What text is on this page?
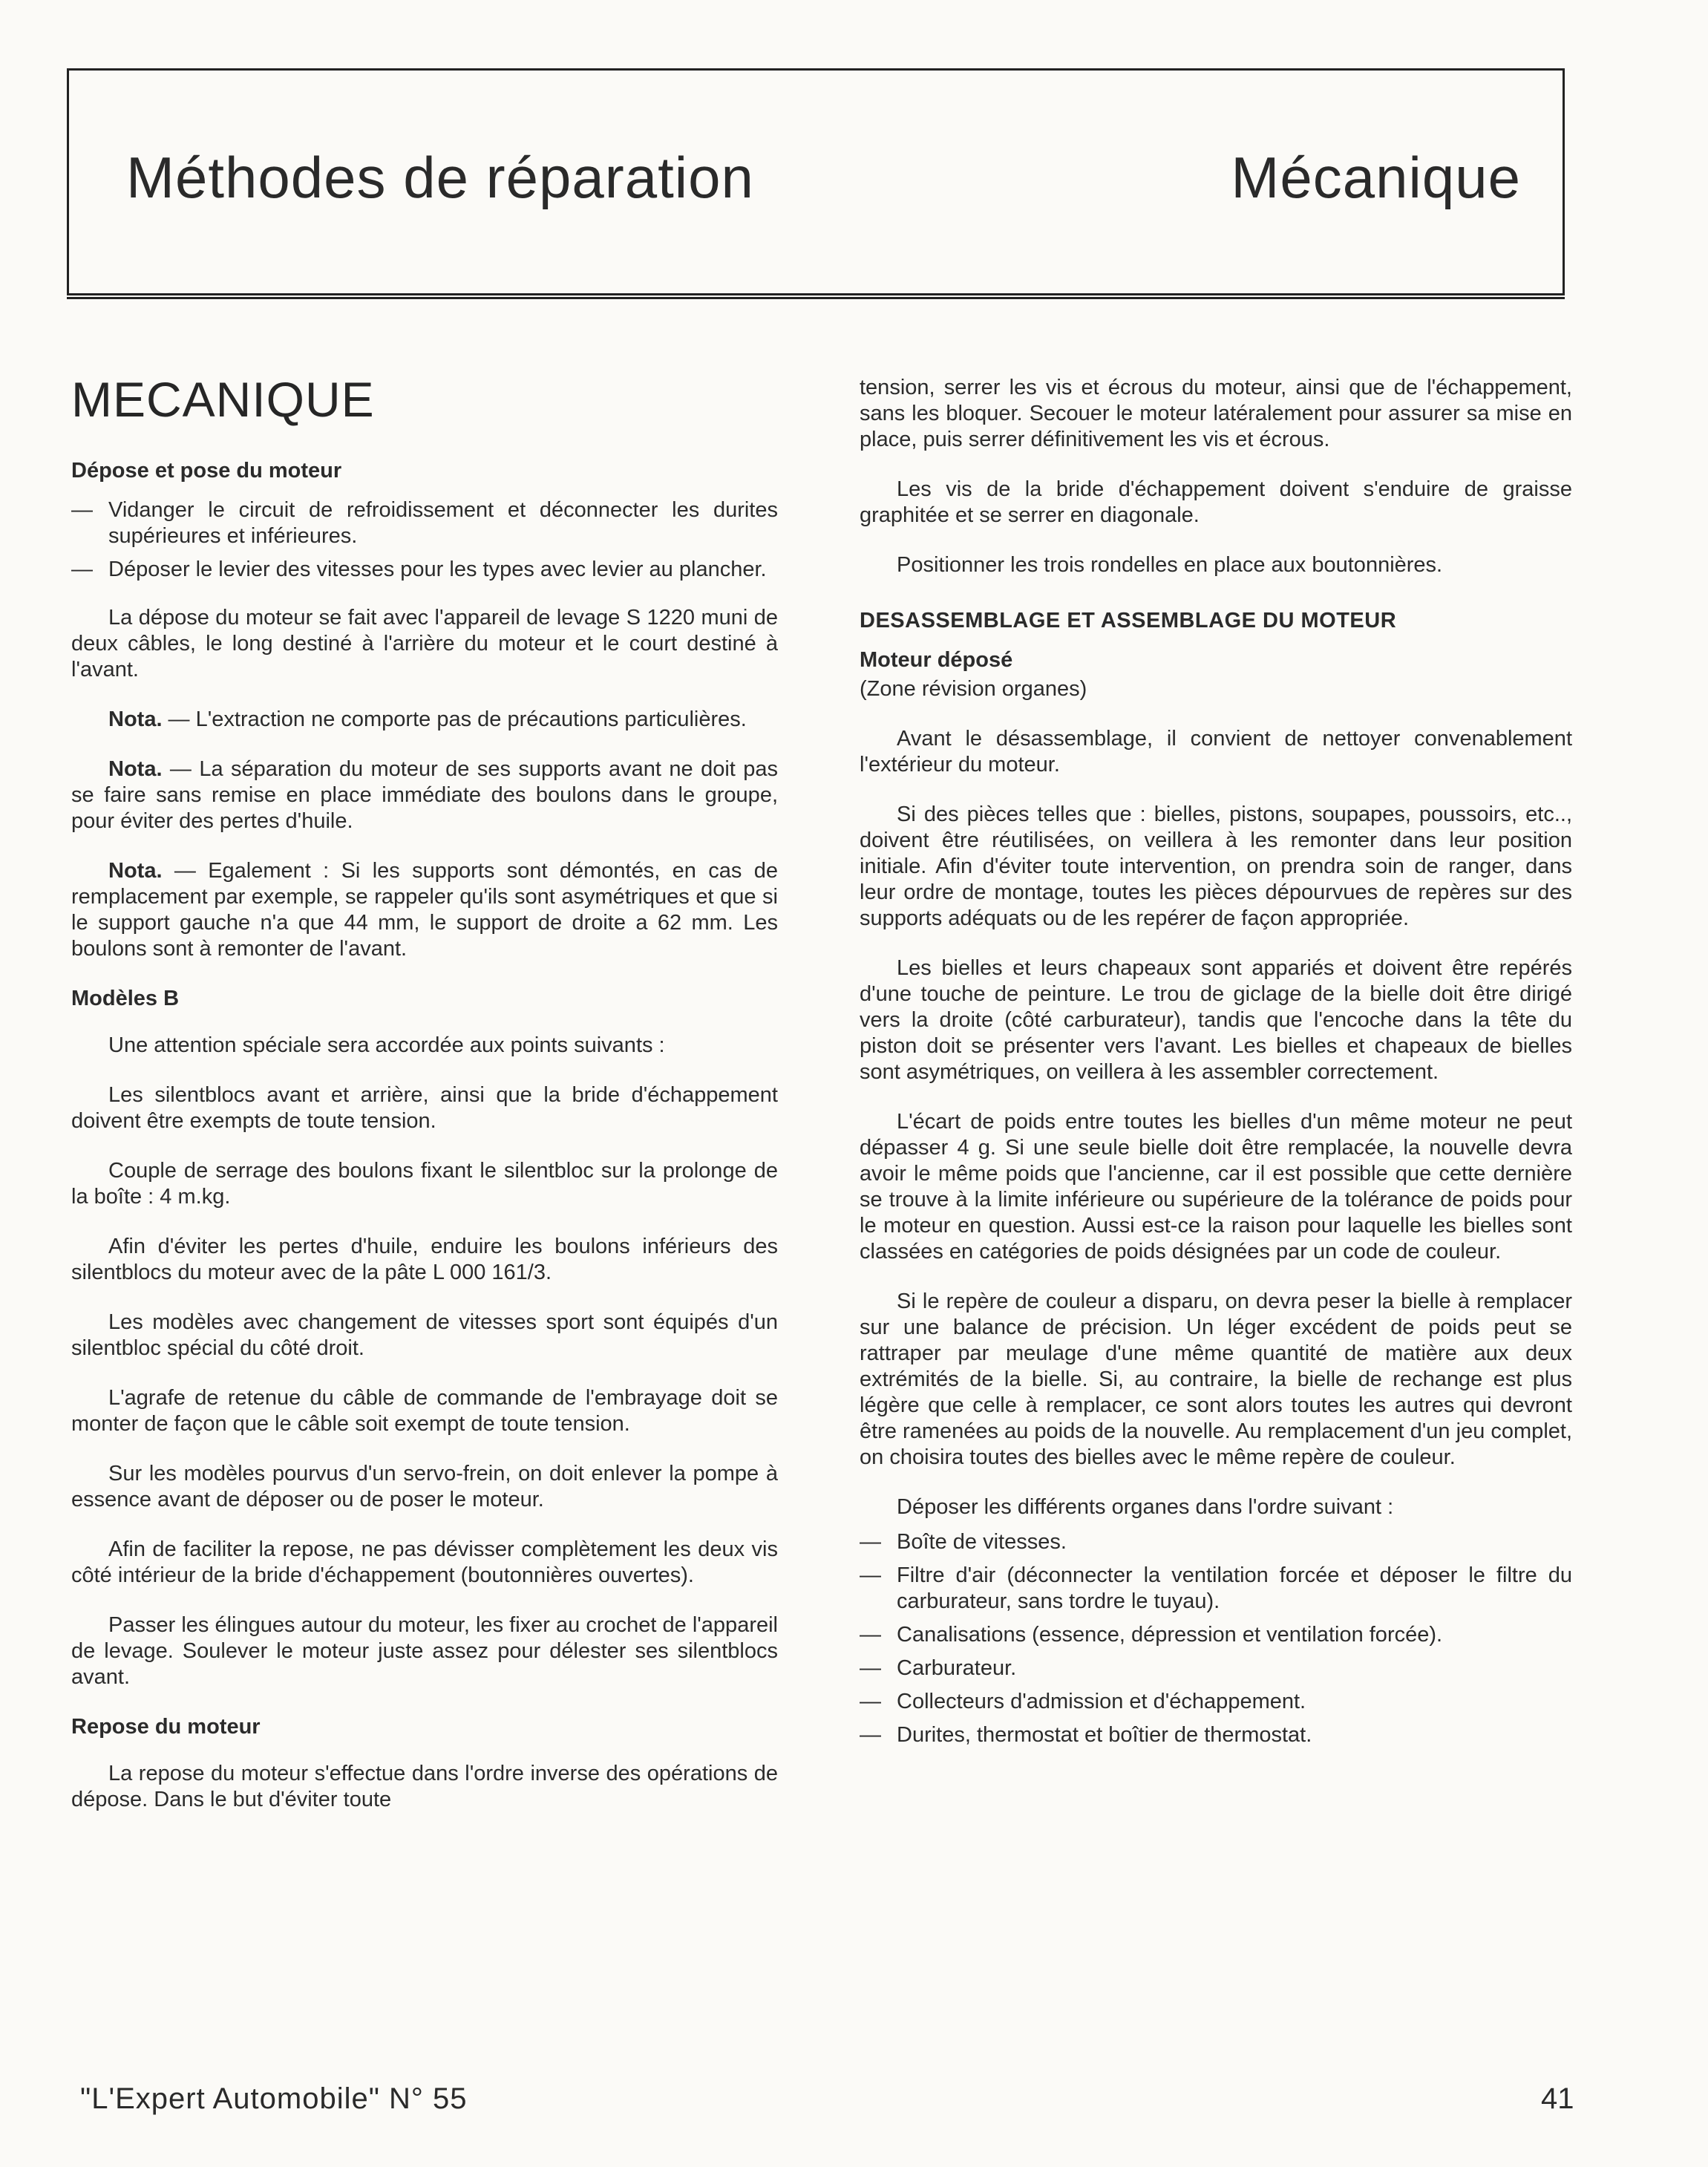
Méthodes de réparation	Mécanique
MECANIQUE
Dépose et pose du moteur
— Vidanger le circuit de refroidissement et déconnecter les durites supérieures et inférieures.
— Déposer le levier des vitesses pour les types avec levier au plancher.

La dépose du moteur se fait avec l'appareil de levage S 1220 muni de deux câbles, le long destiné à l'arrière du moteur et le court destiné à l'avant.

Nota. — L'extraction ne comporte pas de précautions particulières.

Nota. — La séparation du moteur de ses supports avant ne doit pas se faire sans remise en place immédiate des boulons dans le groupe, pour éviter des pertes d'huile.

Nota. — Egalement : Si les supports sont démontés, en cas de remplacement par exemple, se rappeler qu'ils sont asymétriques et que si le support gauche n'a que 44 mm, le support de droite a 62 mm. Les boulons sont à remonter de l'avant.

Modèles B

Une attention spéciale sera accordée aux points suivants :

Les silentblocs avant et arrière, ainsi que la bride d'échappement doivent être exempts de toute tension.

Couple de serrage des boulons fixant le silentbloc sur la prolonge de la boîte : 4 m.kg.

Afin d'éviter les pertes d'huile, enduire les boulons inférieurs des silentblocs du moteur avec de la pâte L 000 161/3.

Les modèles avec changement de vitesses sport sont équipés d'un silentbloc spécial du côté droit.

L'agrafe de retenue du câble de commande de l'embrayage doit se monter de façon que le câble soit exempt de toute tension.

Sur les modèles pourvus d'un servo-frein, on doit enlever la pompe à essence avant de déposer ou de poser le moteur.

Afin de faciliter la repose, ne pas dévisser complètement les deux vis côté intérieur de la bride d'échappement (boutonnières ouvertes).

Passer les élingues autour du moteur, les fixer au crochet de l'appareil de levage. Soulever le moteur juste assez pour délester ses silentblocs avant.

Repose du moteur

La repose du moteur s'effectue dans l'ordre inverse des opérations de dépose. Dans le but d'éviter toute

tension, serrer les vis et écrous du moteur, ainsi que de l'échappement, sans les bloquer. Secouer le moteur latéralement pour assurer sa mise en place, puis serrer définitivement les vis et écrous.

Les vis de la bride d'échappement doivent s'enduire de graisse graphitée et se serrer en diagonale.

Positionner les trois rondelles en place aux boutonnières.

DESASSEMBLAGE ET ASSEMBLAGE DU MOTEUR
Moteur déposé

(Zone révision organes)

Avant le désassemblage, il convient de nettoyer convenablement l'extérieur du moteur.

Si des pièces telles que : bielles, pistons, soupapes, poussoirs, etc.., doivent être réutilisées, on veillera à les remonter dans leur position initiale. Afin d'éviter toute intervention, on prendra soin de ranger, dans leur ordre de montage, toutes les pièces dépourvues de repères sur des supports adéquats ou de les repérer de façon appropriée.

Les bielles et leurs chapeaux sont appariés et doivent être repérés d'une touche de peinture. Le trou de giclage de la bielle doit être dirigé vers la droite (côté carburateur), tandis que l'encoche dans la tête du piston doit se présenter vers l'avant. Les bielles et chapeaux de bielles sont asymétriques, on veillera à les assembler correctement.

L'écart de poids entre toutes les bielles d'un même moteur ne peut dépasser 4 g. Si une seule bielle doit être remplacée, la nouvelle devra avoir le même poids que l'ancienne, car il est possible que cette dernière se trouve à la limite inférieure ou supérieure de la tolérance de poids pour le moteur en question. Aussi est-ce la raison pour laquelle les bielles sont classées en catégories de poids désignées par un code de couleur.

Si le repère de couleur a disparu, on devra peser la bielle à remplacer sur une balance de précision. Un léger excédent de poids peut se rattraper par meulage d'une même quantité de matière aux deux extrémités de la bielle. Si, au contraire, la bielle de rechange est plus légère que celle à remplacer, ce sont alors toutes les autres qui devront être ramenées au poids de la nouvelle. Au remplacement d'un jeu complet, on choisira toutes des bielles avec le même repère de couleur.

Déposer les différents organes dans l'ordre suivant :

— Boîte de vitesses.
— Filtre d'air (déconnecter la ventilation forcée et déposer le filtre du carburateur, sans tordre le tuyau).
— Canalisations (essence, dépression et ventilation forcée).
— Carburateur.
— Collecteurs d'admission et d'échappement.
— Durites, thermostat et boîtier de thermostat.
"L'Expert Automobile" N° 55	41
